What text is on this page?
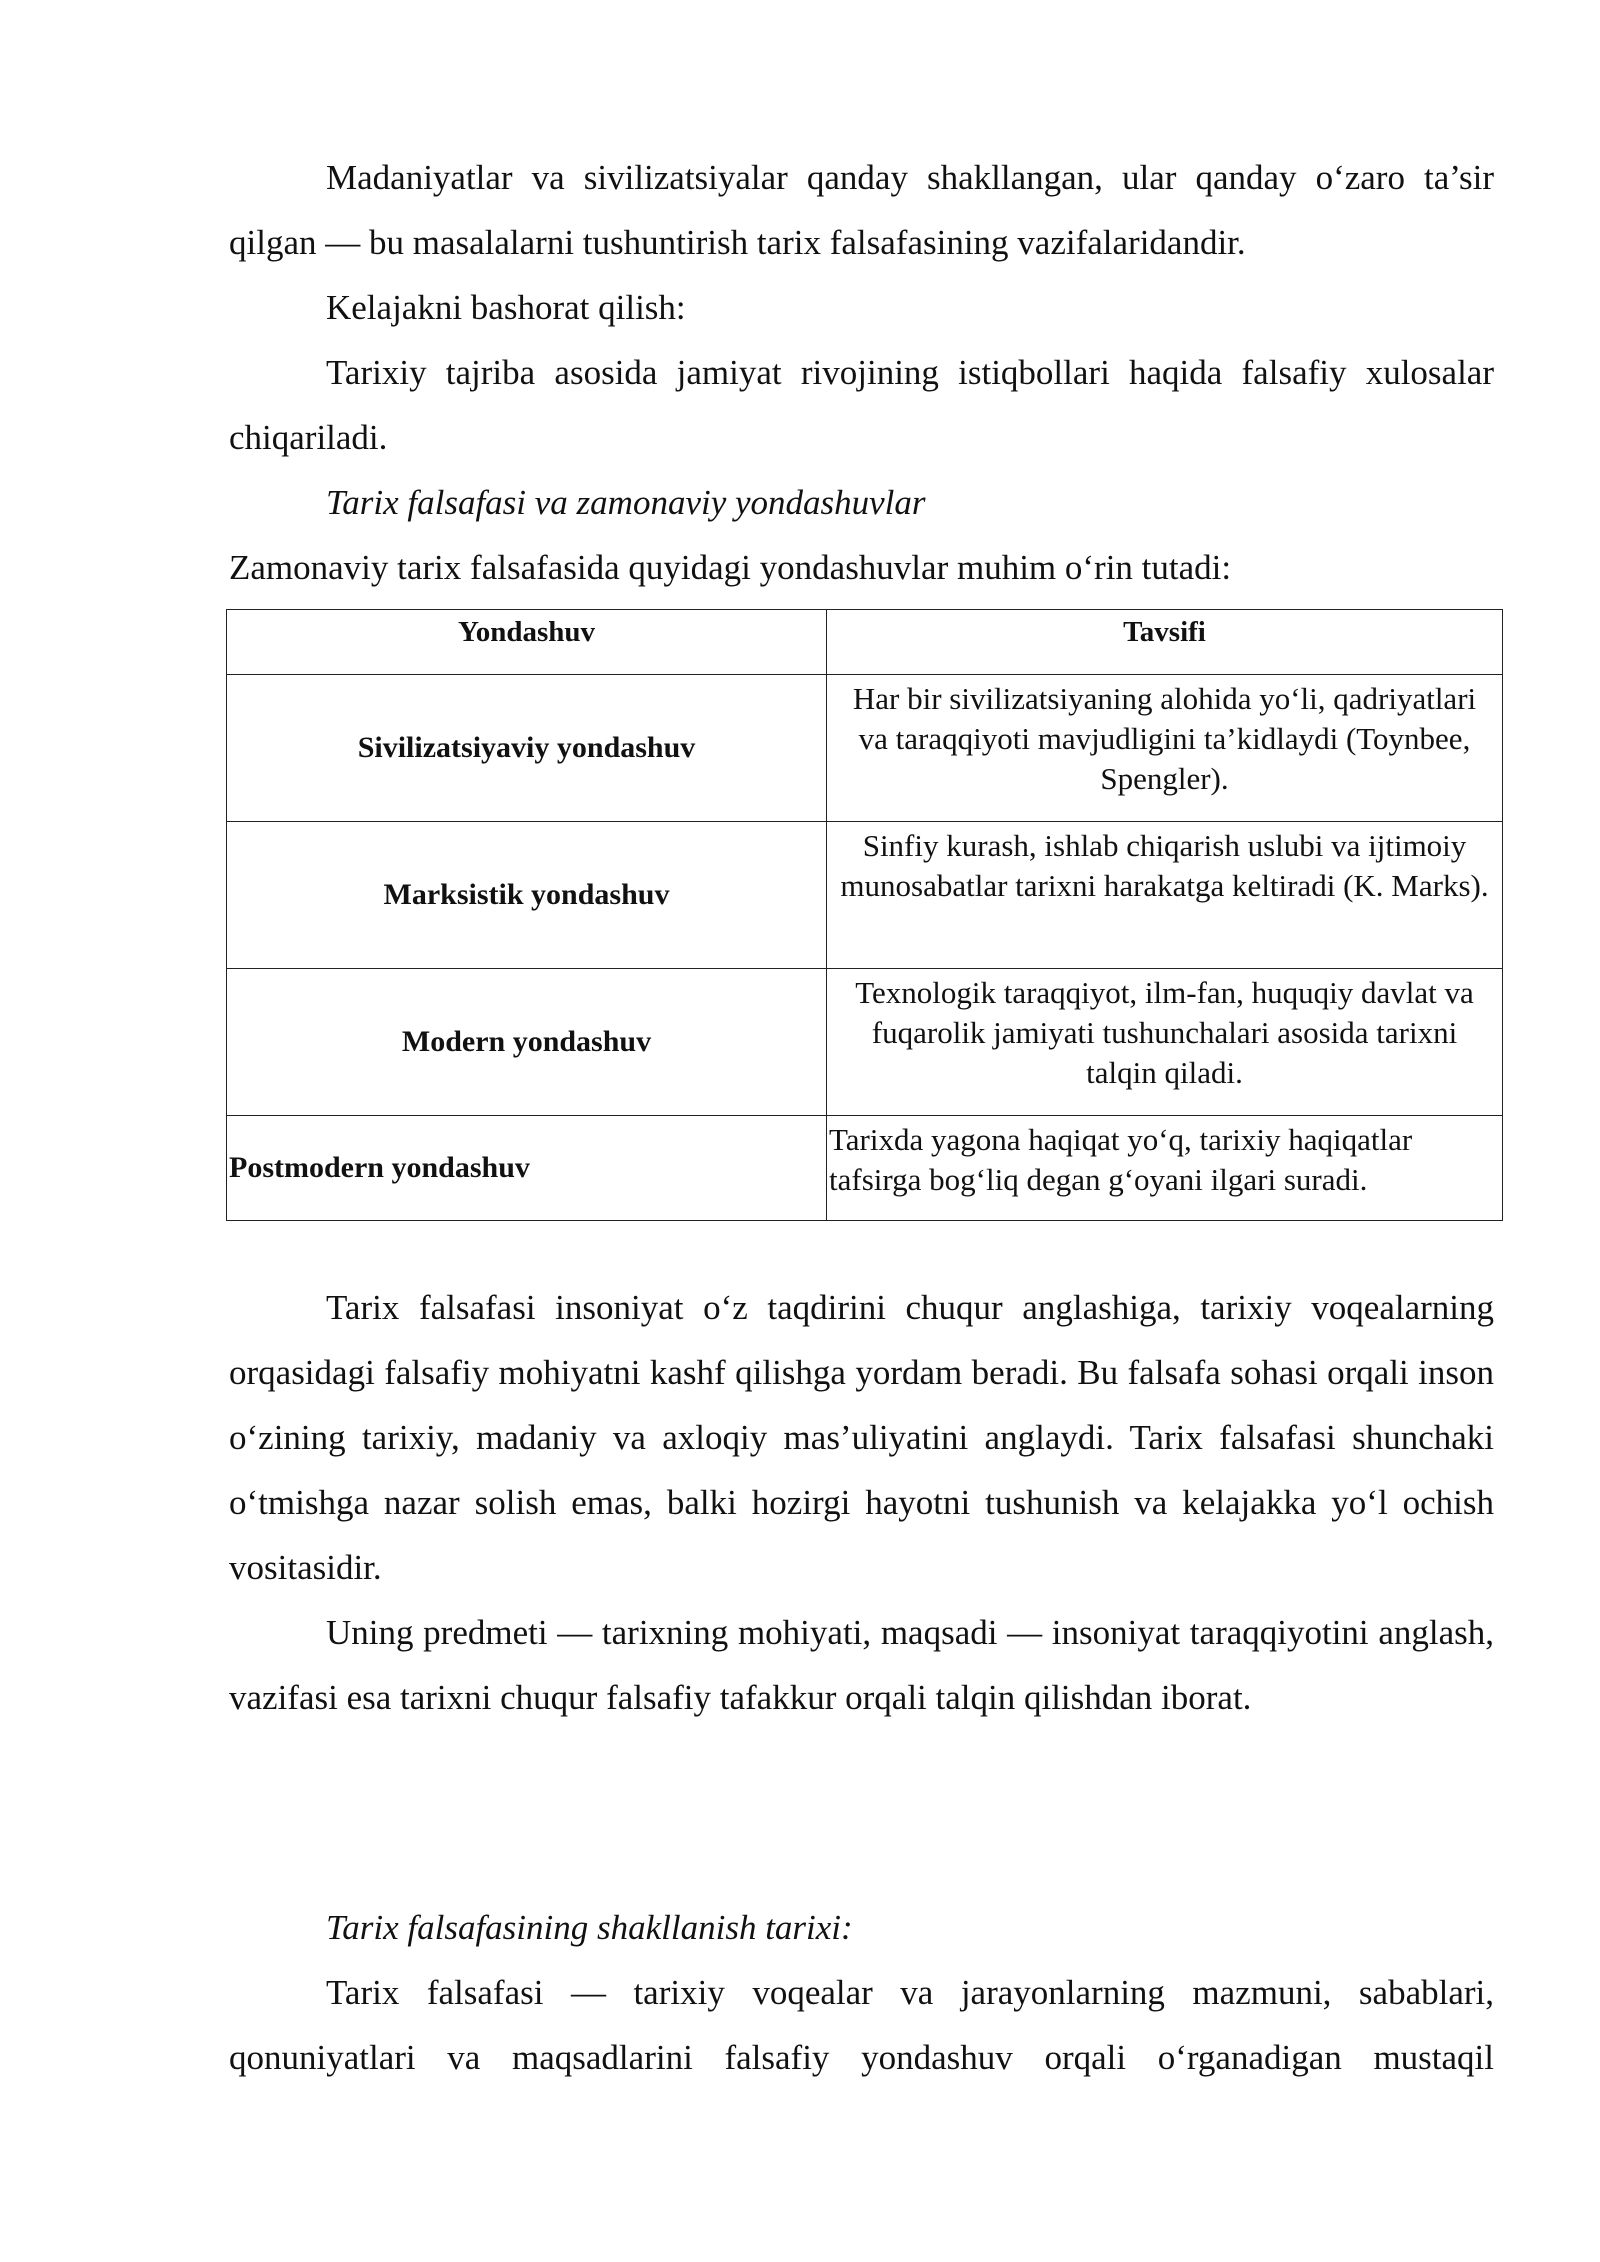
Madaniyatlar va sivilizatsiyalar qanday shakllangan, ular qanday o‘zaro ta’sir qilgan — bu masalalarni tushuntirish tarix falsafasining vazifalaridandir.

Kelajakni bashorat qilish:

Tarixiy tajriba asosida jamiyat rivojining istiqbollari haqida falsafiy xulosalar chiqariladi.

Tarix falsafasi va zamonaviy yondashuvlar

Zamonaviy tarix falsafasida quyidagi yondashuvlar muhim o‘rin tutadi:

Yondashuv	Tavsifi
Sivilizatsiyaviy yondashuv	Har bir sivilizatsiyaning alohida yo‘li, qadriyatlari va taraqqiyoti mavjudligini ta’kidlaydi (Toynbee, Spengler).
Marksistik yondashuv	Sinfiy kurash, ishlab chiqarish uslubi va ijtimoiy munosabatlar tarixni harakatga keltiradi (K. Marks).
Modern yondashuv	Texnologik taraqqiyot, ilm-fan, huquqiy davlat va fuqarolik jamiyati tushunchalari asosida tarixni talqin qiladi.
Postmodern yondashuv	Tarixda yagona haqiqat yo‘q, tarixiy haqiqatlar tafsirga bog‘liq degan g‘oyani ilgari suradi.

Tarix falsafasi insoniyat o‘z taqdirini chuqur anglashiga, tarixiy voqealarning orqasidagi falsafiy mohiyatni kashf qilishga yordam beradi. Bu falsafa sohasi orqali inson o‘zining tarixiy, madaniy va axloqiy mas’uliyatini anglaydi. Tarix falsafasi shunchaki o‘tmishga nazar solish emas, balki hozirgi hayotni tushunish va kelajakka yo‘l ochish vositasidir.

Uning predmeti — tarixning mohiyati, maqsadi — insoniyat taraqqiyotini anglash, vazifasi esa tarixni chuqur falsafiy tafakkur orqali talqin qilishdan iborat.

Tarix falsafasining shakllanish tarixi:

Tarix falsafasi — tarixiy voqealar va jarayonlarning mazmuni, sabablari, qonuniyatlari va maqsadlarini falsafiy yondashuv orqali o‘rganadigan mustaqil
